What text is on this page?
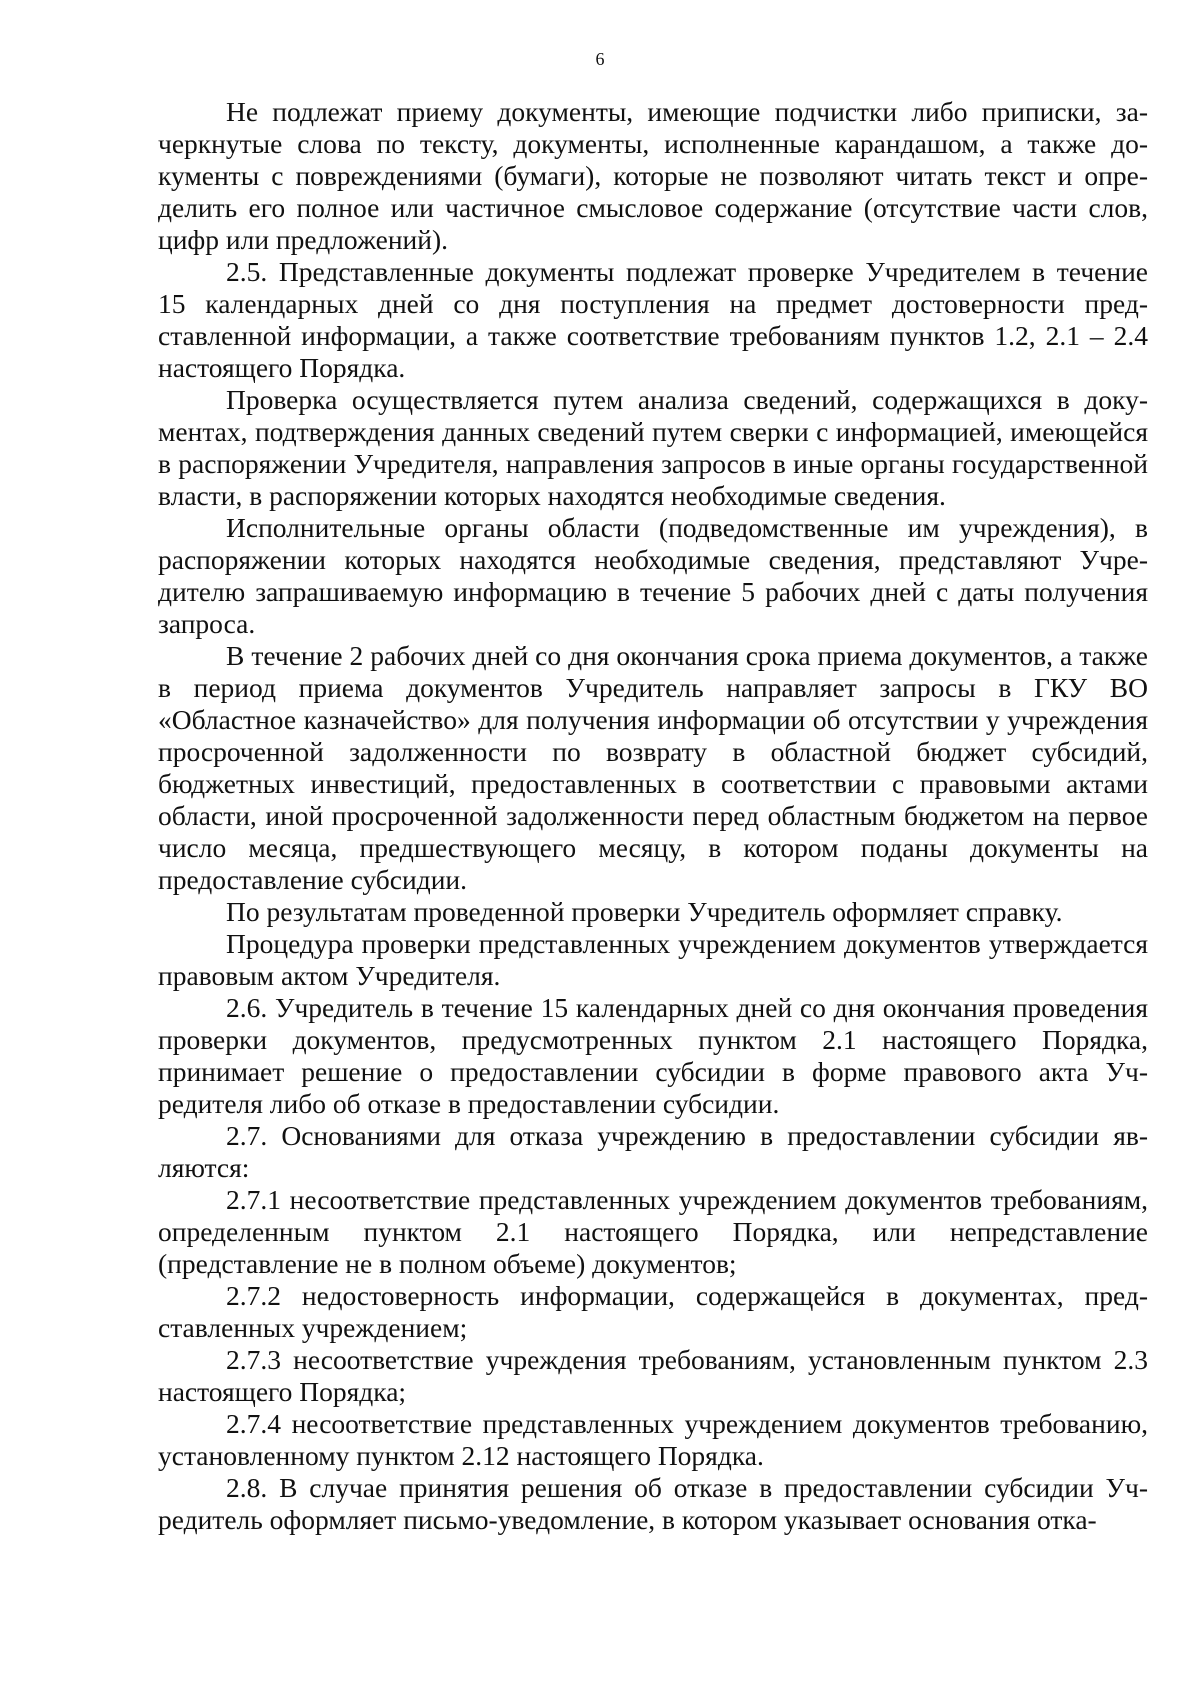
6

Не подлежат приему документы, имеющие подчистки либо приписки, зачеркнутые слова по тексту, документы, исполненные карандашом, а также документы с повреждениями (бумаги), которые не позволяют читать текст и определить его полное или частичное смысловое содержание (отсутствие части слов, цифр или предложений).

2.5. Представленные документы подлежат проверке Учредителем в течение 15 календарных дней со дня поступления на предмет достоверности представленной информации, а также соответствие требованиям пунктов 1.2, 2.1 – 2.4 настоящего Порядка.

Проверка осуществляется путем анализа сведений, содержащихся в документах, подтверждения данных сведений путем сверки с информацией, имеющейся в распоряжении Учредителя, направления запросов в иные органы государственной власти, в распоряжении которых находятся необходимые сведения.

Исполнительные органы области (подведомственные им учреждения), в распоряжении которых находятся необходимые сведения, представляют Учредителю запрашиваемую информацию в течение 5 рабочих дней с даты получения запроса.

В течение 2 рабочих дней со дня окончания срока приема документов, а также в период приема документов Учредитель направляет запросы в ГКУ ВО «Областное казначейство» для получения информации об отсутствии у учреждения просроченной задолженности по возврату в областной бюджет субсидий, бюджетных инвестиций, предоставленных в соответствии с правовыми актами области, иной просроченной задолженности перед областным бюджетом на первое число месяца, предшествующего месяцу, в котором поданы документы на предоставление субсидии.

По результатам проведенной проверки Учредитель оформляет справку.

Процедура проверки представленных учреждением документов утверждается правовым актом Учредителя.

2.6. Учредитель в течение 15 календарных дней со дня окончания проведения проверки документов, предусмотренных пунктом 2.1 настоящего Порядка, принимает решение о предоставлении субсидии в форме правового акта Учредителя либо об отказе в предоставлении субсидии.

2.7. Основаниями для отказа учреждению в предоставлении субсидии являются:

2.7.1 несоответствие представленных учреждением документов требованиям, определенным пунктом 2.1 настоящего Порядка, или непредставление (представление не в полном объеме) документов;

2.7.2 недостоверность информации, содержащейся в документах, представленных учреждением;

2.7.3 несоответствие учреждения требованиям, установленным пунктом 2.3 настоящего Порядка;

2.7.4 несоответствие представленных учреждением документов требованию, установленному пунктом 2.12 настоящего Порядка.

2.8. В случае принятия решения об отказе в предоставлении субсидии Учредитель оформляет письмо-уведомление, в котором указывает основания отка-
